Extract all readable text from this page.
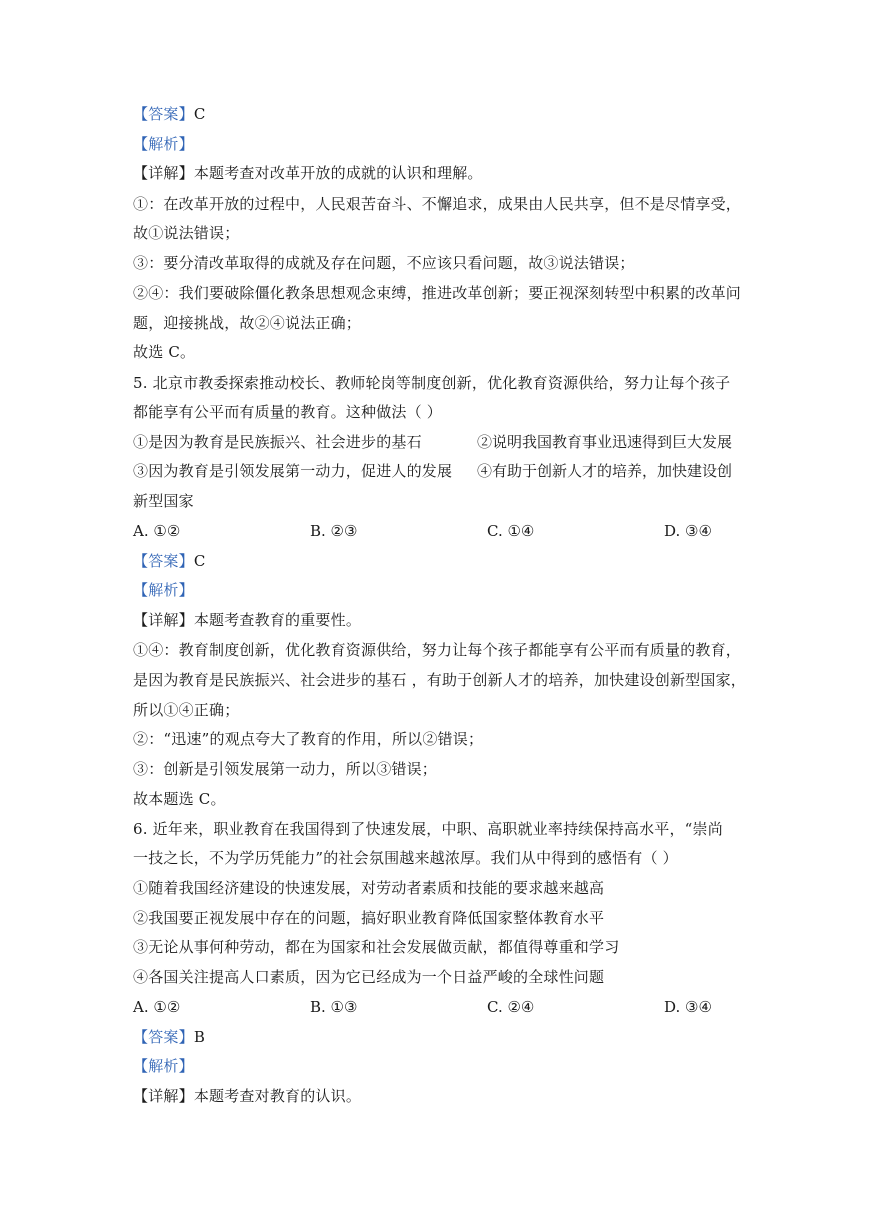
【答案】C
【解析】
【详解】本题考查对改革开放的成就的认识和理解。
①：在改革开放的过程中，人民艰苦奋斗、不懈追求，成果由人民共享，但不是尽情享受，
故①说法错误；
③：要分清改革取得的成就及存在问题，不应该只看问题，故③说法错误；
②④：我们要破除僵化教条思想观念束缚，推进改革创新；要正视深刻转型中积累的改革问
题，迎接挑战，故②④说法正确；
故选 C。
5. 北京市教委探索推动校长、教师轮岗等制度创新，优化教育资源供给，努力让每个孩子
都能享有公平而有质量的教育。这种做法（ ）
①是因为教育是民族振兴、社会进步的基石	②说明我国教育事业迅速得到巨大发展
③因为教育是引领发展第一动力，促进人的发展 ④有助于创新人才的培养，加快建设创
新型国家
A. ①②	B. ②③	C. ①④	D. ③④
【答案】C
【解析】
【详解】本题考查教育的重要性。
①④：教育制度创新，优化教育资源供给，努力让每个孩子都能享有公平而有质量的教育，
是因为教育是民族振兴、社会进步的基石 ，有助于创新人才的培养，加快建设创新型国家，
所以①④正确；
②：“迅速”的观点夸大了教育的作用，所以②错误；
③：创新是引领发展第一动力，所以③错误；
故本题选 C。
6. 近年来，职业教育在我国得到了快速发展，中职、高职就业率持续保持高水平，“崇尚
一技之长，不为学历凭能力”的社会氛围越来越浓厚。我们从中得到的感悟有（ ）
①随着我国经济建设的快速发展，对劳动者素质和技能的要求越来越高
②我国要正视发展中存在的问题，搞好职业教育降低国家整体教育水平
③无论从事何种劳动，都在为国家和社会发展做贡献，都值得尊重和学习
④各国关注提高人口素质，因为它已经成为一个日益严峻的全球性问题
A. ①②	B. ①③	C. ②④	D. ③④
【答案】B
【解析】
【详解】本题考查对教育的认识。
